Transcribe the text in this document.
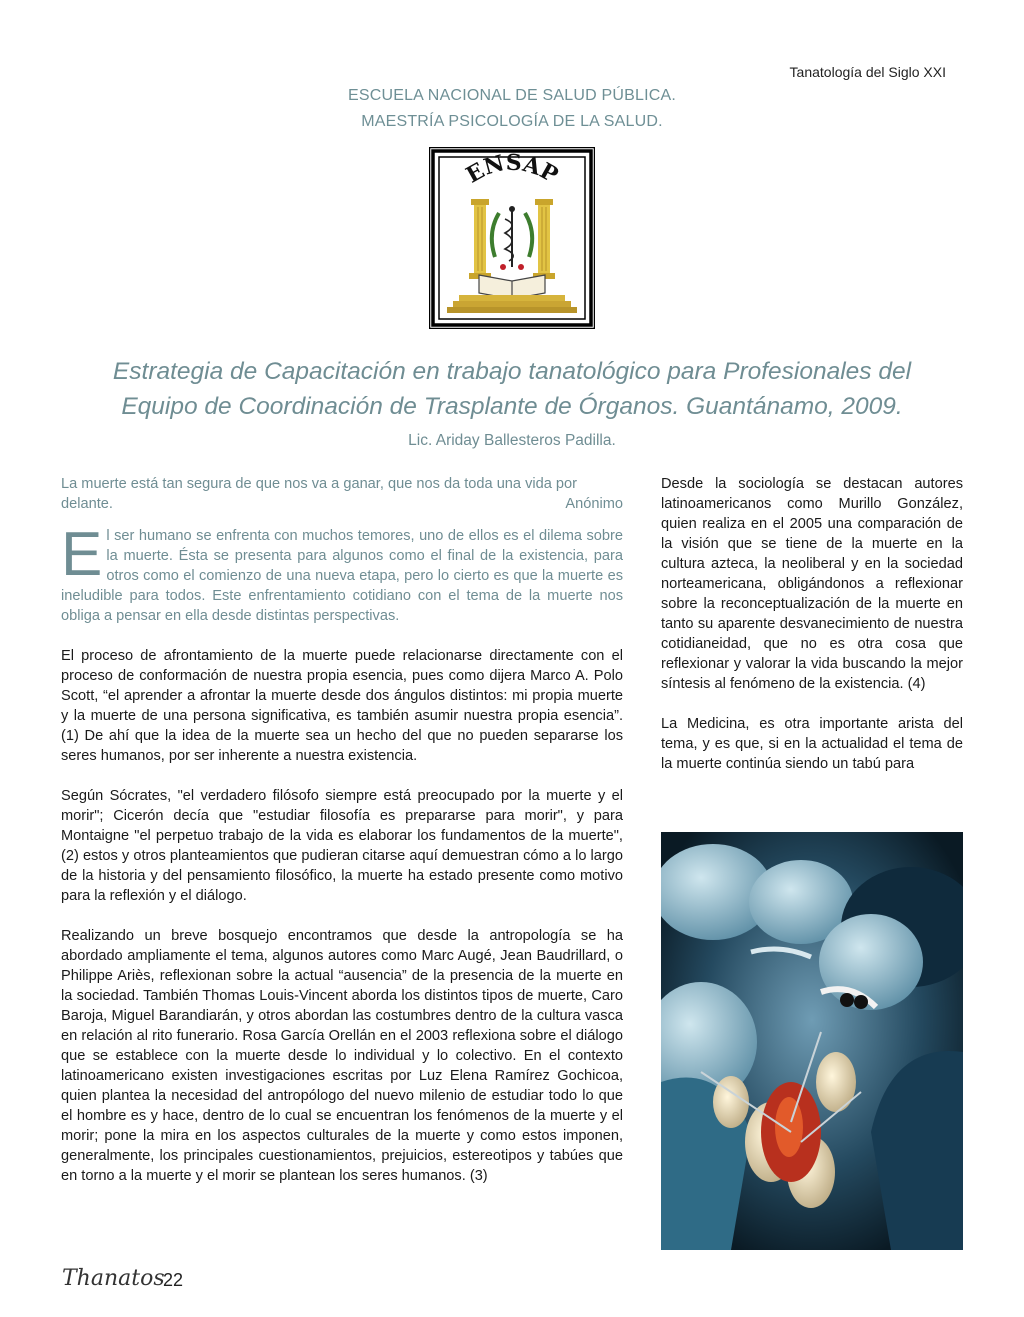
Tanatología del Siglo XXI
ESCUELA NACIONAL DE SALUD PÚBLICA.
MAESTRÍA PSICOLOGÍA DE LA SALUD.
ENSAP
Estrategia de Capacitación en trabajo tanatológico para Profesionales del
Equipo de Coordinación de Trasplante de Órganos. Guantánamo, 2009.
Lic. Ariday Ballesteros Padilla.

La muerte está tan segura de que nos va a ganar, que nos da toda una vida por delante.	Anónimo

El ser humano se enfrenta con muchos temores, uno de ellos es el dilema sobre la muerte. Ésta se presenta para algunos como el final de la existencia, para otros como el comienzo de una nueva etapa, pero lo cierto es que la muerte es ineludible para todos. Este enfrentamiento cotidiano con el tema de la muerte nos obliga a pensar en ella desde distintas perspectivas.

El proceso de afrontamiento de la muerte puede relacionarse directamente con el proceso de conformación de nuestra propia esencia, pues como dijera Marco A. Polo Scott, “el aprender a afrontar la muerte desde dos ángulos distintos: mi propia muerte y la muerte de una persona significativa, es también asumir nuestra propia esencia”. (1) De ahí que la idea de la muerte sea un hecho del que no pueden separarse los seres humanos, por ser inherente a nuestra existencia.

Según Sócrates, "el verdadero filósofo siempre está preocupado por la muerte y el morir"; Cicerón decía que "estudiar filosofía es prepararse para morir", y para Montaigne "el perpetuo trabajo de la vida es elaborar los fundamentos de la muerte", (2) estos y otros planteamientos que pudieran citarse aquí demuestran cómo a lo largo de la historia y del pensamiento filosófico, la muerte ha estado presente como motivo para la reflexión y el diálogo.

Realizando un breve bosquejo encontramos que desde la antropología se ha abordado ampliamente el tema, algunos autores como Marc Augé, Jean Baudrillard, o Philippe Ariès, reflexionan sobre la actual “ausencia” de la presencia de la muerte en la sociedad. También Thomas Louis-Vincent aborda los distintos tipos de muerte, Caro Baroja, Miguel Barandiarán, y otros abordan las costumbres dentro de la cultura vasca en relación al rito funerario. Rosa García Orellán en el 2003 reflexiona sobre el diálogo que se establece con la muerte desde lo individual y lo colectivo. En el contexto latinoamericano existen investigaciones escritas por Luz Elena Ramírez Gochicoa, quien plantea la necesidad del antropólogo del nuevo milenio de estudiar todo lo que el hombre es y hace, dentro de lo cual se encuentran los fenómenos de la muerte y el morir; pone la mira en los aspectos culturales de la muerte y como estos imponen, generalmente, los principales cuestionamientos, prejuicios, estereotipos y tabúes que en torno a la muerte y el morir se plantean los seres humanos. (3)

Desde la sociología se destacan autores latinoamericanos como Murillo González, quien realiza en el 2005 una comparación de la visión que se tiene de la muerte en la cultura azteca, la neoliberal y en la sociedad norteamericana, obligándonos a reflexionar sobre la reconceptualización de la muerte en tanto su aparente desvanecimiento de nuestra cotidianeidad, que no es otra cosa que reflexionar y valorar la vida buscando la mejor síntesis al fenómeno de la existencia. (4)

La Medicina, es otra importante arista del tema, y es que, si en la actualidad el tema de la muerte continúa siendo un tabú para

Thanatos
22
